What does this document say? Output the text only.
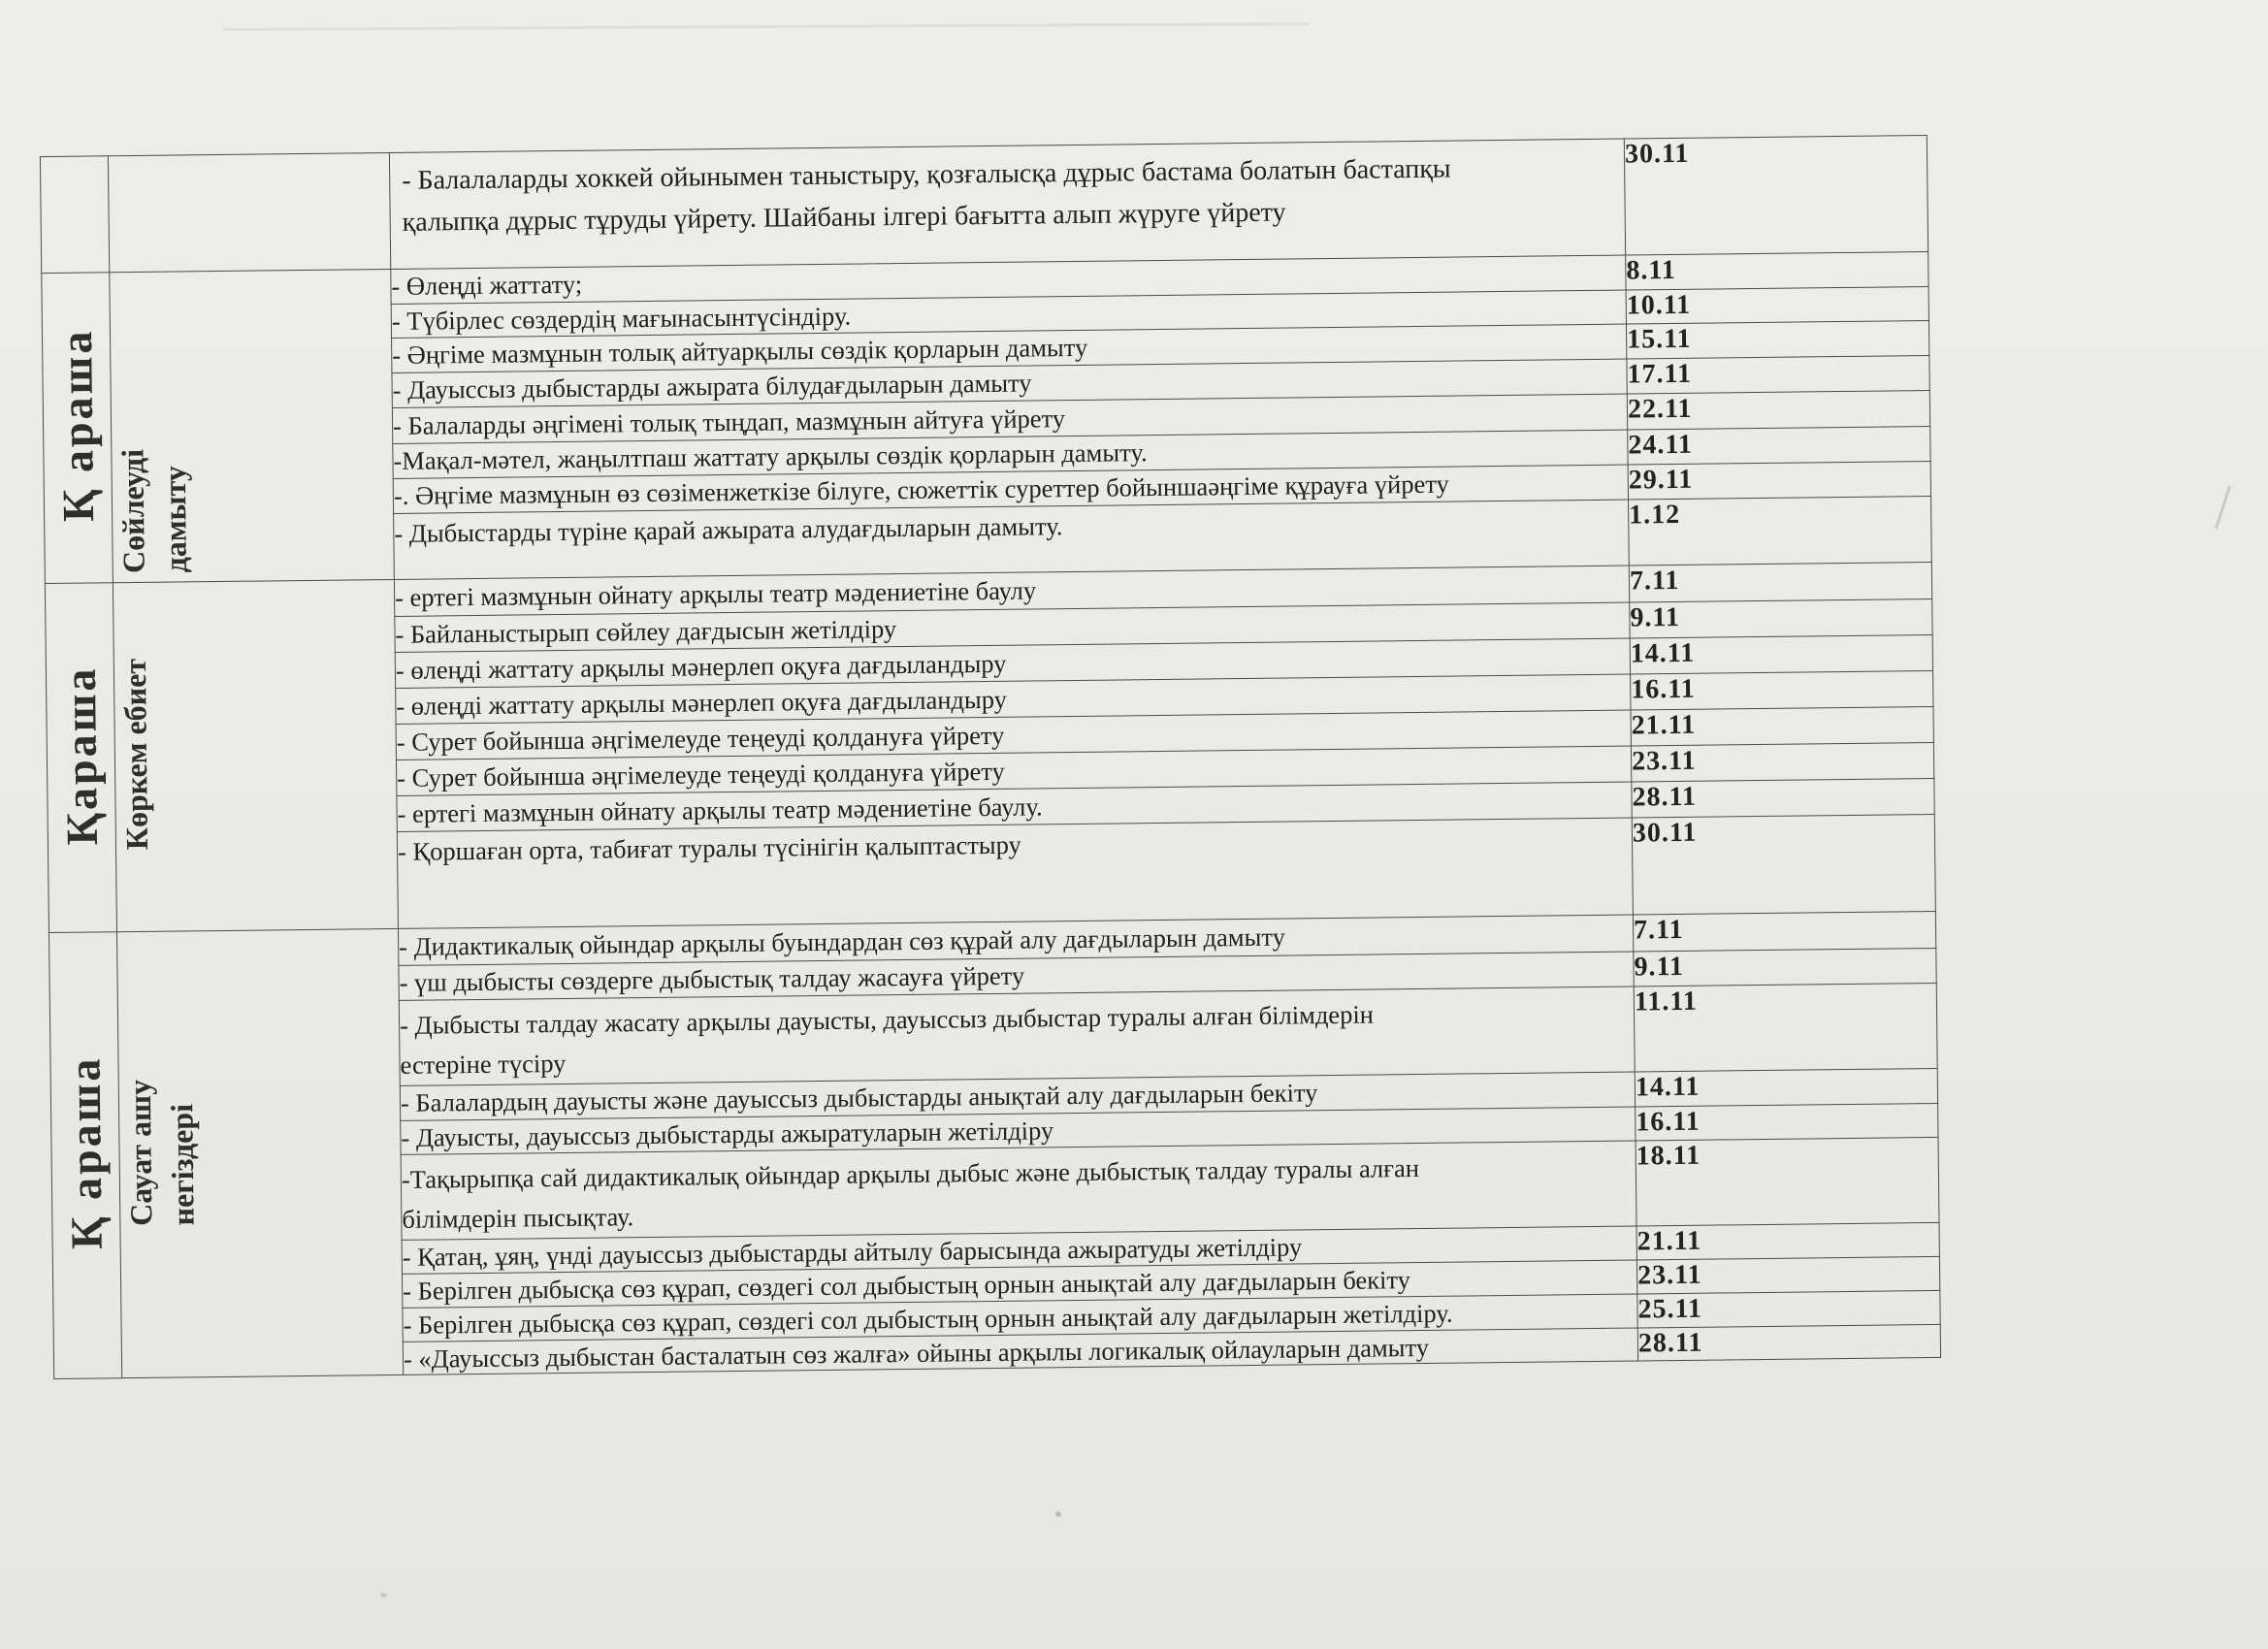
		- Балалаларды хоккей ойынымен таныстыру, қозғалысқа дұрыс бастама болатын бастапқы қалыпқа дұрыс тұруды үйрету. Шайбаны ілгері бағытта алып жүруге үйрету	30.11
Қ араша	Сөйлеуді дамыту	- Өлеңді жаттату;	8.11
		- Түбірлес сөздердің мағынасынтүсіндіру.	10.11
		- Әңгіме мазмұнын толық айтуарқылы сөздік қорларын дамыту	15.11
		- Дауыссыз дыбыстарды ажырата білудағдыларын дамыту	17.11
		- Балаларды әңгімені толық тыңдап, мазмұнын айтуға үйрету	22.11
		-Мақал-мәтел, жаңылтпаш жаттату арқылы сөздік қорларын дамыту.	24.11
		-. Әңгіме мазмұнын өз сөзіменжеткізе білуге, сюжеттік суреттер бойыншаәңгіме құрауға үйрету	29.11
		- Дыбыстарды түріне қарай ажырата алудағдыларын дамыту.	1.12
Қараша	Көркем ебиет	- ертегі мазмұнын ойнату арқылы театр мәдениетіне баулу	7.11
		- Байланыстырып сөйлеу дағдысын жетілдіру	9.11
		- өлеңді жаттату арқылы мәнерлеп оқуға дағдыландыру	14.11
		- өлеңді жаттату арқылы мәнерлеп оқуға дағдыландыру	16.11
		- Сурет бойынша әңгімелеуде теңеуді қолдануға үйрету	21.11
		- Сурет бойынша әңгімелеуде теңеуді қолдануға үйрету	23.11
		- ертегі мазмұнын ойнату арқылы театр мәдениетіне баулу.	28.11
		- Қоршаған орта, табиғат туралы түсінігін қалыптастыру	30.11
Қ араша	Сауат ашу негіздері	- Дидактикалық ойындар арқылы буындардан сөз құрай алу дағдыларын дамыту	7.11
		- үш дыбысты сөздерге дыбыстық талдау жасауға үйрету	9.11
		- Дыбысты талдау жасату арқылы дауысты, дауыссыз дыбыстар туралы алған білімдерін естеріне түсіру	11.11
		- Балалардың дауысты және дауыссыз дыбыстарды анықтай алу дағдыларын бекіту	14.11
		- Дауысты, дауыссыз дыбыстарды ажыратуларын жетілдіру	16.11
		-Тақырыпқа сай дидактикалық ойындар арқылы дыбыс және дыбыстық талдау туралы алған білімдерін пысықтау.	18.11
		- Қатаң, ұяң, үнді дауыссыз дыбыстарды айтылу барысында ажыратуды жетілдіру	21.11
		- Берілген дыбысқа сөз құрап, сөздегі сол дыбыстың орнын анықтай алу дағдыларын бекіту	23.11
		- Берілген дыбысқа сөз құрап, сөздегі сол дыбыстың орнын анықтай алу дағдыларын жетілдіру.	25.11
		- «Дауыссыз дыбыстан басталатын сөз жалға» ойыны арқылы логикалық ойлауларын дамыту	28.11
